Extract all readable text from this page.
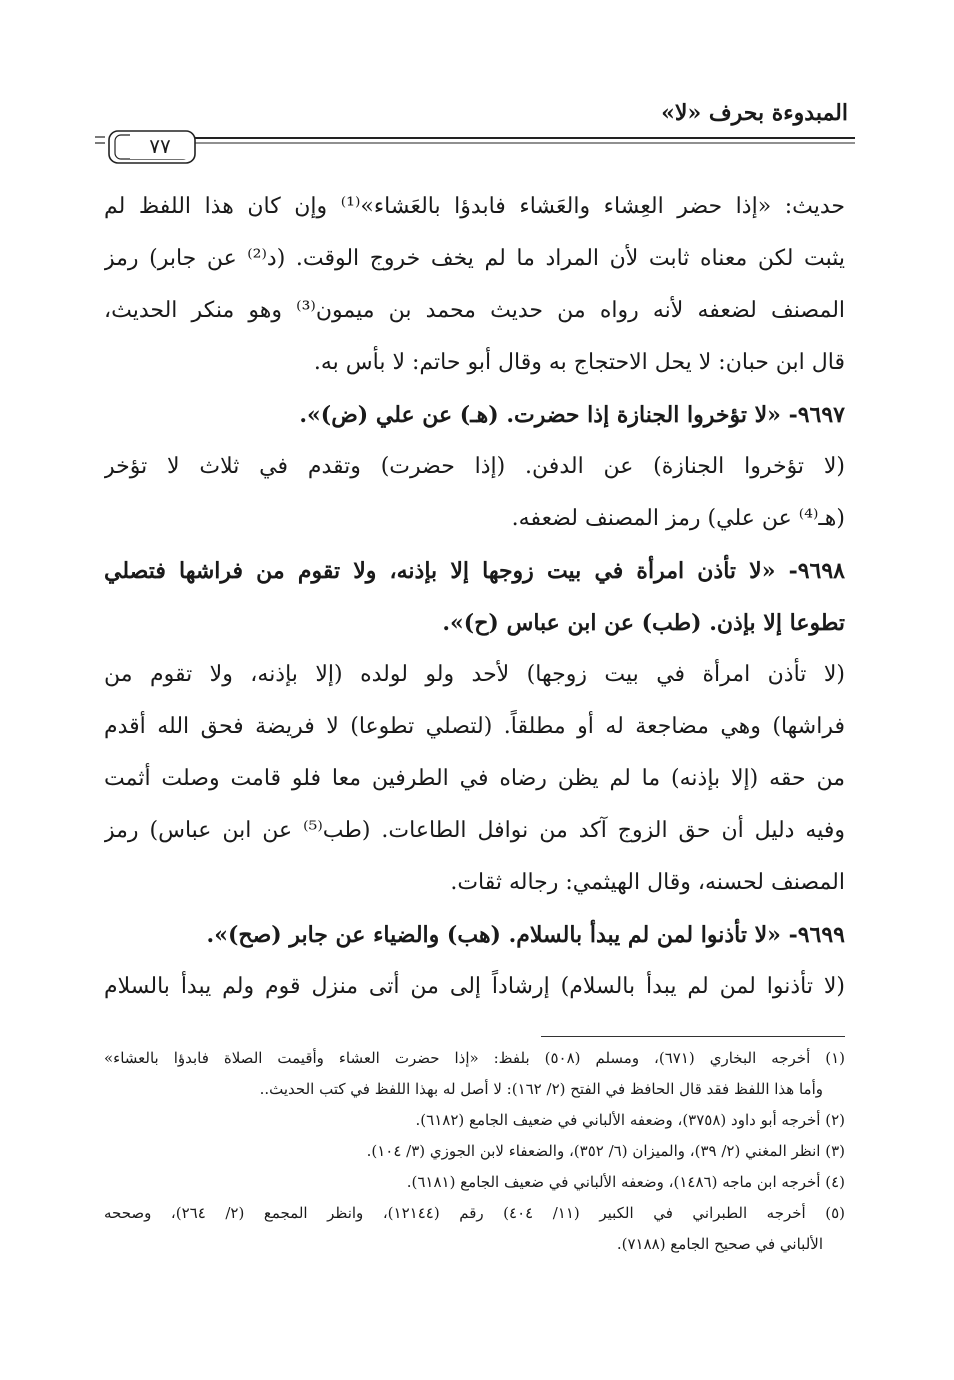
المبدوءة بحرف «لا»
٧٧
حديث: «إذا حضر العِشاء والعَشاء فابدؤا بالعَشاء»⁽¹⁾ وإن كان هذا اللفظ لم
يثبت لكن معناه ثابت لأن المراد ما لم يخف خروج الوقت. (د⁽²⁾ عن جابر) رمز
المصنف لضعفه لأنه رواه من حديث محمد بن ميمون⁽³⁾ وهو منكر الحديث،
قال ابن حبان: لا يحل الاحتجاج به وقال أبو حاتم: لا بأس به.
٩٦٩٧- «لا تؤخروا الجنازة إذا حضرت. (هـ) عن علي (ض)».
(لا تؤخروا الجنازة) عن الدفن. (إذا حضرت) وتقدم في ثلاث لا تؤخر
(هـ⁽⁴⁾ عن علي) رمز المصنف لضعفه.
٩٦٩٨- «لا تأذن امرأة في بيت زوجها إلا بإذنه، ولا تقوم من فراشها فتصلي
تطوعا إلا بإذن. (طب) عن ابن عباس (ح)».
(لا تأذن امرأة في بيت زوجها) لأحد ولو لولده (إلا بإذنه، ولا تقوم من
فراشها) وهي مضاجعة له أو مطلقاً. (لتصلي تطوعا) لا فريضة فحق الله أقدم
من حقه (إلا بإذنه) ما لم يظن رضاه في الطرفين معا فلو قامت وصلت أثمت
وفيه دليل أن حق الزوج آكد من نوافل الطاعات. (طب⁽⁵⁾ عن ابن عباس) رمز
المصنف لحسنه، وقال الهيثمي: رجاله ثقات.
٩٦٩٩- «لا تأذنوا لمن لم يبدأ بالسلام. (هب) والضياء عن جابر (صح)».
(لا تأذنوا لمن لم يبدأ بالسلام) إرشاداً إلى من أتى منزل قوم ولم يبدأ بالسلام
(١) أخرجه البخاري (٦٧١)، ومسلم (٥٠٨) بلفظ: «إذا حضرت العشاء وأقيمت الصلاة فابدؤا بالعشاء»
وأما هذا اللفظ فقد قال الحافظ في الفتح (٢/ ١٦٢): لا أصل له بهذا اللفظ في كتب الحديث..
(٢) أخرجه أبو داود (٣٧٥٨)، وضعفه الألباني في ضعيف الجامع (٦١٨٢).
(٣) انظر المغني (٢/ ٣٩)، والميزان (٦/ ٣٥٢)، والضعفاء لابن الجوزي (٣/ ١٠٤).
(٤) أخرجه ابن ماجه (١٤٨٦)، وضعفه الألباني في ضعيف الجامع (٦١٨١).
(٥) أخرجه الطبراني في الكبير (١١/ ٤٠٤) رقم (١٢١٤٤)، وانظر المجمع (٢/ ٢٦٤)، وصححه
الألباني في صحيح الجامع (٧١٨٨).
